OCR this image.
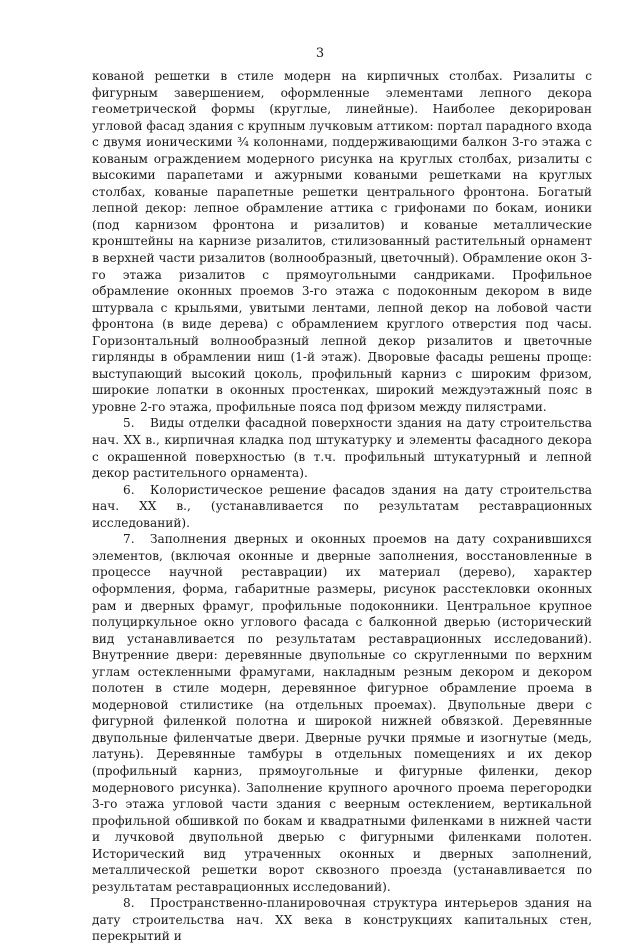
3

кованой решетки в стиле модерн на кирпичных столбах. Ризалиты с фигурным завершением, оформленные элементами лепного декора геометрической формы (круглые, линейные). Наиболее декорирован угловой фасад здания с крупным лучковым аттиком: портал парадного входа с двумя ионическими ¾ колоннами, поддерживающими балкон 3-го этажа с кованым ограждением модерного рисунка на круглых столбах, ризалиты с высокими парапетами и ажурными коваными решетками на круглых столбах, кованые парапетные решетки центрального фронтона. Богатый лепной декор: лепное обрамление аттика с грифонами по бокам, ионики (под карнизом фронтона и ризалитов) и кованые металлические кронштейны на карнизе ризалитов, стилизованный растительный орнамент в верхней части ризалитов (волнообразный, цветочный). Обрамление окон 3-го этажа ризалитов с прямоугольными сандриками. Профильное обрамление оконных проемов 3-го этажа с подоконным декором в виде штурвала с крыльями, увитыми лентами, лепной декор на лобовой части фронтона (в виде дерева) с обрамлением круглого отверстия под часы. Горизонтальный волнообразный лепной декор ризалитов и цветочные гирлянды в обрамлении ниш (1-й этаж). Дворовые фасады решены проще: выступающий высокий цоколь, профильный карниз с широким фризом, широкие лопатки в оконных простенках, широкий междуэтажный пояс в уровне 2-го этажа, профильные пояса под фризом между пилястрами.

5. Виды отделки фасадной поверхности здания на дату строительства нач. XX в., кирпичная кладка под штукатурку и элементы фасадного декора с окрашенной поверхностью (в т.ч. профильный штукатурный и лепной декор растительного орнамента).

6. Колористическое решение фасадов здания на дату строительства нач. XX в., (устанавливается по результатам реставрационных исследований).

7. Заполнения дверных и оконных проемов на дату сохранившихся элементов, (включая оконные и дверные заполнения, восстановленные в процессе научной реставрации) их материал (дерево), характер оформления, форма, габаритные размеры, рисунок расстекловки оконных рам и дверных фрамуг, профильные подоконники. Центральное крупное полуциркульное окно углового фасада с балконной дверью (исторический вид устанавливается по результатам реставрационных исследований). Внутренние двери: деревянные двупольные со скругленными по верхним углам остекленными фрамугами, накладным резным декором и декором полотен в стиле модерн, деревянное фигурное обрамление проема в модерновой стилистике (на отдельных проемах). Двупольные двери с фигурной филенкой полотна и широкой нижней обвязкой. Деревянные двупольные филенчатые двери. Дверные ручки прямые и изогнутые (медь, латунь). Деревянные тамбуры в отдельных помещениях и их декор (профильный карниз, прямоугольные и фигурные филенки, декор модернового рисунка). Заполнение крупного арочного проема перегородки 3-го этажа угловой части здания с веерным остеклением, вертикальной профильной обшивкой по бокам и квадратными филенками в нижней части и лучковой двупольной дверью с фигурными филенками полотен. Исторический вид утраченных оконных и дверных заполнений, металлической решетки ворот сквозного проезда (устанавливается по результатам реставрационных исследований).

8. Пространственно-планировочная структура интерьеров здания на дату строительства нач. XX века в конструкциях капитальных стен, перекрытий и
